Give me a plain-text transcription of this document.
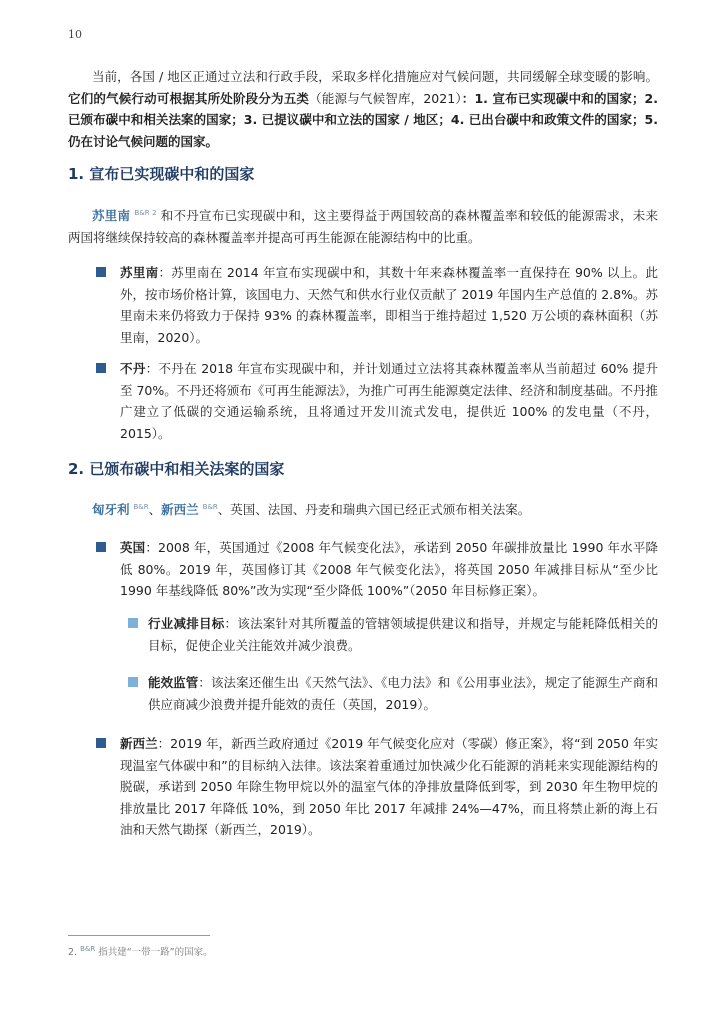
10
当前，各国 / 地区正通过立法和行政手段，采取多样化措施应对气候问题，共同缓解全球变暖的影响。它们的气候行动可根据其所处阶段分为五类（能源与气候智库，2021）：1. 宣布已实现碳中和的国家；2. 已颁布碳中和相关法案的国家；3. 已提议碳中和立法的国家 / 地区；4. 已出台碳中和政策文件的国家；5. 仍在讨论气候问题的国家。
1. 宣布已实现碳中和的国家
苏里南 $^{B\&R 2}$ 和不丹宣布已实现碳中和，这主要得益于两国较高的森林覆盖率和较低的能源需求，未来两国将继续保持较高的森林覆盖率并提高可再生能源在能源结构中的比重。
苏里南：苏里南在 2014 年宣布实现碳中和，其数十年来森林覆盖率一直保持在 90% 以上。此外，按市场价格计算，该国电力、天然气和供水行业仅贡献了 2019 年国内生产总值的 2.8%。苏里南未来仍将致力于保持 93% 的森林覆盖率，即相当于维持超过 1,520 万公顷的森林面积（苏里南，2020）。
不丹：不丹在 2018 年宣布实现碳中和，并计划通过立法将其森林覆盖率从当前超过 60% 提升至 70%。不丹还将颁布《可再生能源法》，为推广可再生能源奠定法律、经济和制度基础。不丹推广建立了低碳的交通运输系统，且将通过开发川流式发电，提供近 100% 的发电量（不丹，2015）。
2. 已颁布碳中和相关法案的国家
匈牙利 $^{B\&R}$、新西兰 $^{B\&R}$、英国、法国、丹麦和瑞典六国已经正式颁布相关法案。
英国：2008 年，英国通过《2008 年气候变化法》，承诺到 2050 年碳排放量比 1990 年水平降低 80%。2019 年，英国修订其《2008 年气候变化法》，将英国 2050 年减排目标从“至少比 1990 年基线降低 80%”改为实现“至少降低 100%”（2050 年目标修正案）。
行业减排目标：该法案针对其所覆盖的管辖领域提供建议和指导，并规定与能耗降低相关的目标，促使企业关注能效并减少浪费。
能效监管：该法案还催生出《天然气法》、《电力法》和《公用事业法》，规定了能源生产商和供应商减少浪费并提升能效的责任（英国，2019）。
新西兰：2019 年，新西兰政府通过《2019 年气候变化应对（零碳）修正案》，将“到 2050 年实现温室气体碳中和”的目标纳入法律。该法案着重通过加快减少化石能源的消耗来实现能源结构的脱碳，承诺到 2050 年除生物甲烷以外的温室气体的净排放量降低到零，到 2030 年生物甲烷的排放量比 2017 年降低 10%，到 2050 年比 2017 年减排 24%—47%，而且将禁止新的海上石油和天然气勘探（新西兰，2019）。
2. $^{B\&R}$ 指共建“一带一路”的国家。
